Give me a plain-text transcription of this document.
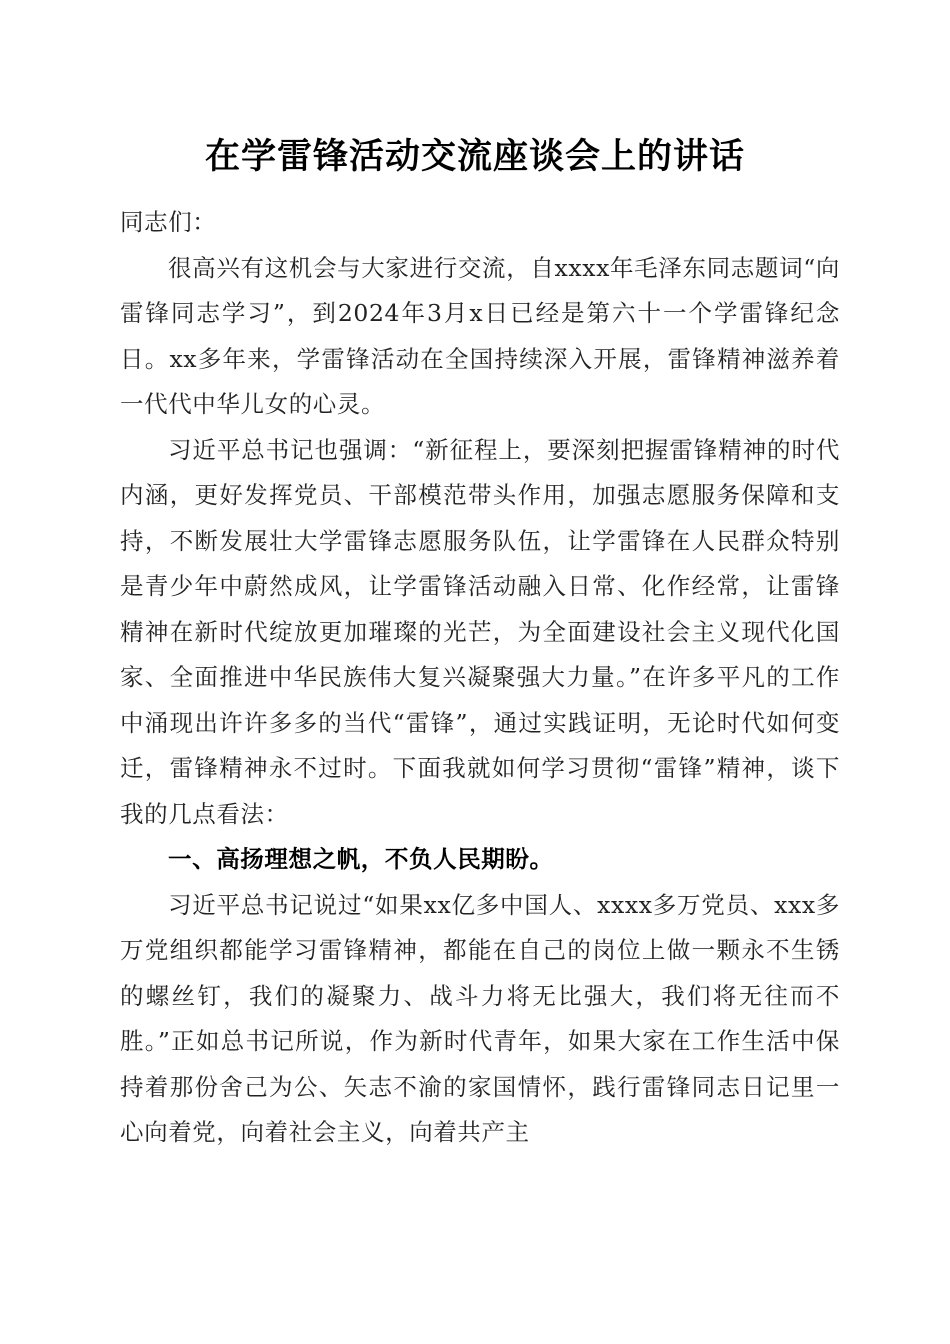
在学雷锋活动交流座谈会上的讲话

同志们：

很高兴有这机会与大家进行交流，自xxxx年毛泽东同志题词“向雷锋同志学习”，到2024年3月x日已经是第六十一个学雷锋纪念日。xx多年来，学雷锋活动在全国持续深入开展，雷锋精神滋养着一代代中华儿女的心灵。

习近平总书记也强调：“新征程上，要深刻把握雷锋精神的时代内涵，更好发挥党员、干部模范带头作用，加强志愿服务保障和支持，不断发展壮大学雷锋志愿服务队伍，让学雷锋在人民群众特别是青少年中蔚然成风，让学雷锋活动融入日常、化作经常，让雷锋精神在新时代绽放更加璀璨的光芒，为全面建设社会主义现代化国家、全面推进中华民族伟大复兴凝聚强大力量。”在许多平凡的工作中涌现出许许多多的当代“雷锋”，通过实践证明，无论时代如何变迁，雷锋精神永不过时。下面我就如何学习贯彻“雷锋”精神，谈下我的几点看法：

一、高扬理想之帆，不负人民期盼。

习近平总书记说过“如果xx亿多中国人、xxxx多万党员、xxx多万党组织都能学习雷锋精神，都能在自己的岗位上做一颗永不生锈的螺丝钉，我们的凝聚力、战斗力将无比强大，我们将无往而不胜。”正如总书记所说，作为新时代青年，如果大家在工作生活中保持着那份舍己为公、矢志不渝的家国情怀，践行雷锋同志日记里一心向着党，向着社会主义，向着共产主
